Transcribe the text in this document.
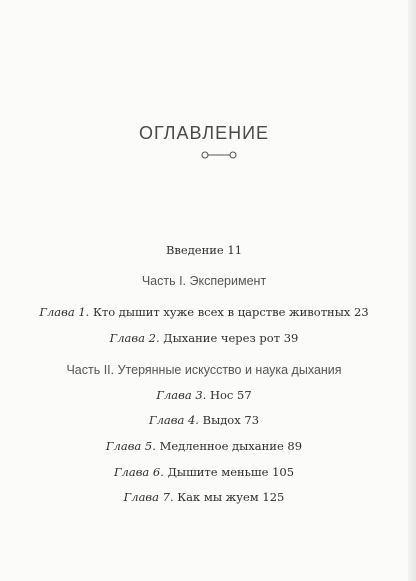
ОГЛАВЛЕНИЕ
Введение 11
Часть I. Эксперимент
Глава 1. Кто дышит хуже всех в царстве животных 23
Глава 2. Дыхание через рот 39
Часть II. Утерянные искусство и наука дыхания
Глава 3. Нос 57
Глава 4. Выдох 73
Глава 5. Медленное дыхание 89
Глава 6. Дышите меньше 105
Глава 7. Как мы жуем 125
